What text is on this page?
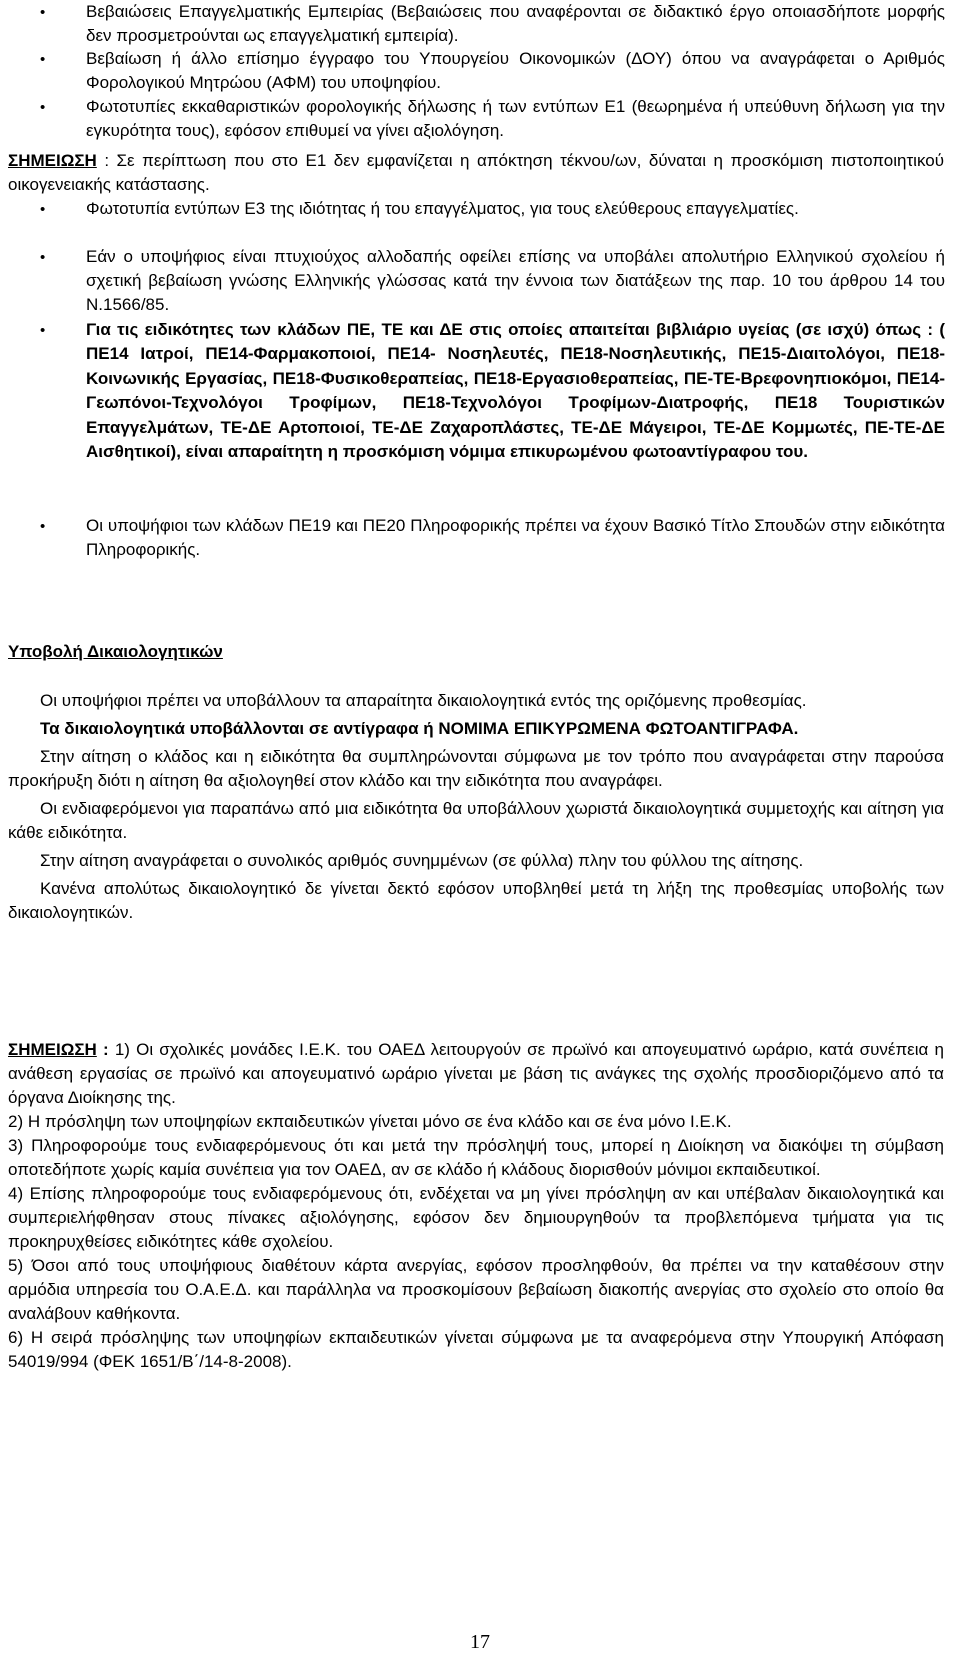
•	Βεβαιώσεις Επαγγελματικής Εμπειρίας (Βεβαιώσεις που αναφέρονται σε διδακτικό έργο οποιασδήποτε μορφής δεν προσμετρούνται ως επαγγελματική εμπειρία).

•	Βεβαίωση ή άλλο επίσημο έγγραφο του Υπουργείου Οικονομικών (ΔΟΥ) όπου να αναγράφεται ο Αριθμός Φορολογικού Μητρώου (ΑΦΜ) του υποψηφίου.

•	Φωτοτυπίες εκκαθαριστικών φορολογικής δήλωσης ή των εντύπων Ε1 (θεωρημένα ή υπεύθυνη δήλωση για την εγκυρότητα τους), εφόσον επιθυμεί να γίνει αξιολόγηση.

ΣΗΜΕΙΩΣΗ : Σε περίπτωση που στο Ε1 δεν εμφανίζεται η απόκτηση τέκνου/ων, δύναται η προσκόμιση πιστοποιητικού οικογενειακής κατάστασης.

•	Φωτοτυπία εντύπων Ε3 της ιδιότητας ή του επαγγέλματος, για τους ελεύθερους επαγγελματίες.

•	Εάν ο υποψήφιος είναι πτυχιούχος αλλοδαπής οφείλει επίσης να υποβάλει απολυτήριο Ελληνικού σχολείου ή σχετική βεβαίωση γνώσης Ελληνικής γλώσσας κατά την έννοια των διατάξεων της παρ. 10 του άρθρου 14 του Ν.1566/85.

•	Για τις ειδικότητες των κλάδων ΠΕ, ΤΕ και ΔΕ στις οποίες απαιτείται βιβλιάριο υγείας (σε ισχύ) όπως : ( ΠΕ14 Ιατροί, ΠΕ14-Φαρμακοποιοί, ΠΕ14- Νοσηλευτές, ΠΕ18-Νοσηλευτικής, ΠΕ15-Διαιτολόγοι, ΠΕ18-Κοινωνικής Εργασίας, ΠΕ18-Φυσικοθεραπείας, ΠΕ18-Εργασιοθεραπείας, ΠΕ-ΤΕ-Βρεφονηπιοκόμοι, ΠΕ14-Γεωπόνοι-Τεχνολόγοι Τροφίμων, ΠΕ18-Τεχνολόγοι Τροφίμων-Διατροφής, ΠΕ18 Τουριστικών Επαγγελμάτων, ΤΕ-ΔΕ Αρτοποιοί, ΤΕ-ΔΕ Ζαχαροπλάστες, ΤΕ-ΔΕ Μάγειροι, ΤΕ-ΔΕ Κομμωτές, ΠΕ-ΤΕ-ΔΕ Αισθητικοί), είναι απαραίτητη η προσκόμιση νόμιμα επικυρωμένου φωτοαντίγραφου του.

•	Οι υποψήφιοι των κλάδων ΠΕ19 και ΠΕ20 Πληροφορικής πρέπει να έχουν Βασικό Τίτλο Σπουδών στην ειδικότητα Πληροφορικής.

Υποβολή Δικαιολογητικών

Οι υποψήφιοι πρέπει να υποβάλλουν τα απαραίτητα δικαιολογητικά εντός της οριζόμενης προθεσμίας.

Τα δικαιολογητικά υποβάλλονται σε αντίγραφα ή ΝΟΜΙΜΑ ΕΠΙΚΥΡΩΜΕΝΑ ΦΩΤΟΑΝΤΙΓΡΑΦΑ.

Στην αίτηση ο κλάδος και η ειδικότητα θα συμπληρώνονται σύμφωνα με τον τρόπο που αναγράφεται στην παρούσα προκήρυξη διότι η αίτηση θα αξιολογηθεί στον κλάδο και την ειδικότητα που αναγράφει.

Οι ενδιαφερόμενοι για παραπάνω από μια ειδικότητα θα υποβάλλουν χωριστά δικαιολογητικά συμμετοχής και αίτηση για κάθε ειδικότητα.

Στην αίτηση αναγράφεται ο συνολικός αριθμός συνημμένων (σε φύλλα) πλην του φύλλου της αίτησης.

Κανένα απολύτως δικαιολογητικό δε γίνεται δεκτό εφόσον υποβληθεί μετά τη λήξη της προθεσμίας υποβολής των δικαιολογητικών.

ΣΗΜΕΙΩΣΗ : 1) Οι σχολικές μονάδες Ι.Ε.Κ. του ΟΑΕΔ λειτουργούν σε πρωϊνό και απογευματινό ωράριο, κατά συνέπεια η ανάθεση εργασίας σε πρωϊνό και απογευματινό ωράριο γίνεται με βάση τις ανάγκες της σχολής προσδιοριζόμενο από τα όργανα Διοίκησης της.

2) Η πρόσληψη των υποψηφίων εκπαιδευτικών γίνεται μόνο σε ένα κλάδο και σε ένα μόνο Ι.Ε.Κ.

3) Πληροφορούμε τους ενδιαφερόμενους ότι και μετά την πρόσληψή τους, μπορεί η Διοίκηση να διακόψει τη σύμβαση οποτεδήποτε χωρίς καμία συνέπεια για τον ΟΑΕΔ, αν σε κλάδο ή κλάδους διορισθούν μόνιμοι εκπαιδευτικοί.

4) Επίσης πληροφορούμε τους ενδιαφερόμενους ότι, ενδέχεται να μη γίνει πρόσληψη αν και υπέβαλαν δικαιολογητικά και συμπεριελήφθησαν στους πίνακες αξιολόγησης, εφόσον δεν δημιουργηθούν τα προβλεπόμενα τμήματα για τις προκηρυχθείσες ειδικότητες κάθε σχολείου.

5) Όσοι από τους υποψήφιους διαθέτουν κάρτα ανεργίας, εφόσον προσληφθούν, θα πρέπει να την καταθέσουν στην αρμόδια υπηρεσία του Ο.Α.Ε.Δ. και παράλληλα να προσκομίσουν βεβαίωση διακοπής ανεργίας στο σχολείο στο οποίο θα αναλάβουν καθήκοντα.

6) Η σειρά πρόσληψης των υποψηφίων εκπαιδευτικών γίνεται σύμφωνα με τα αναφερόμενα στην Υπουργική Απόφαση 54019/994 (ΦΕΚ 1651/Β΄/14-8-2008).

17
